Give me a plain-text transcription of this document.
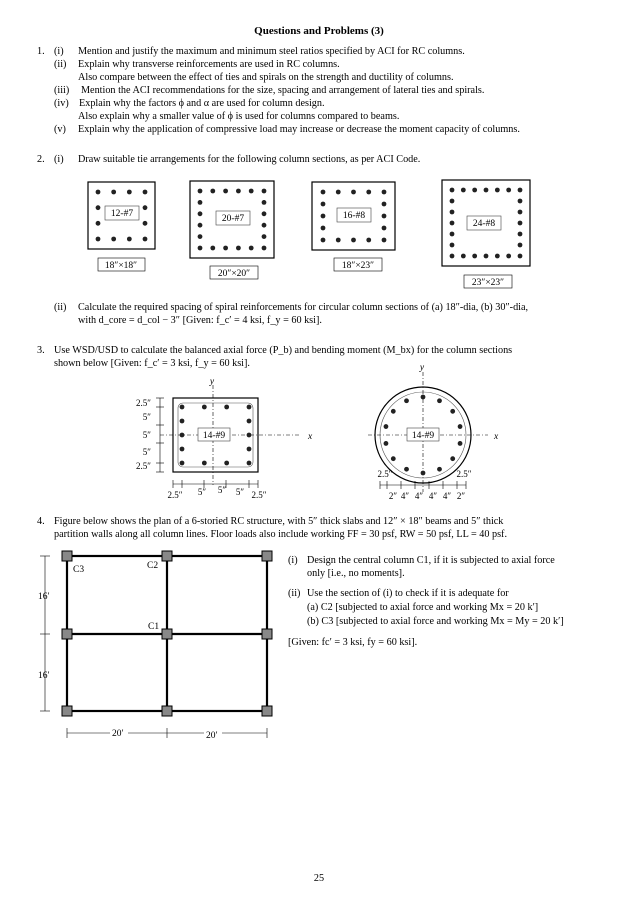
Questions and Problems (3)
1. (i) Mention and justify the maximum and minimum steel ratios specified by ACI for RC columns.
(ii) Explain why transverse reinforcements are used in RC columns.
Also compare between the effect of ties and spirals on the strength and ductility of columns.
(iii) Mention the ACI recommendations for the size, spacing and arrangement of lateral ties and spirals.
(iv) Explain why the factors ϕ and α are used for column design.
Also explain why a smaller value of ϕ is used for columns compared to beams.
(v) Explain why the application of compressive load may increase or decrease the moment capacity of columns.
2. (i) Draw suitable tie arrangements for the following column sections, as per ACI Code.
12-#7
18″×18″
20-#7
20″×20″
16-#8
18″×23″
24-#8
23″×23″
14-#9
y
x
2.5″
5″
5″
5″
2.5″
2.5″ 5″ 5″ 5″ 2.5″
14-#9
y
x
2.5″	2.5″
2″ 4″ 4″ 4″ 4″ 2″
C3	C2
C1
16′
16′
20′	20′
(ii) Calculate the required spacing of spiral reinforcements for circular column sections of (a) 18″-dia, (b) 30″-dia,
with d_core = d_col − 3″ [Given: f_c′ = 4 ksi, f_y = 60 ksi].
3. Use WSD/USD to calculate the balanced axial force (P_b) and bending moment (M_bx) for the column sections
shown below [Given: f_c′ = 3 ksi, f_y = 60 ksi].
4. Figure below shows the plan of a 6-storied RC structure, with 5″ thick slabs and 12″ × 18″ beams and 5″ thick
partition walls along all column lines. Floor loads also include working FF = 30 psf, RW = 50 psf, LL = 40 psf.
(i) Design the central column C1, if it is subjected to axial force
only [i.e., no moments].
(ii) Use the section of (i) to check if it is adequate for
(a) C2 [subjected to axial force and working Mx = 20 k′]
(b) C3 [subjected to axial force and working Mx = My = 20 k′]
[Given: fc′ = 3 ksi, fy = 60 ksi].
25
